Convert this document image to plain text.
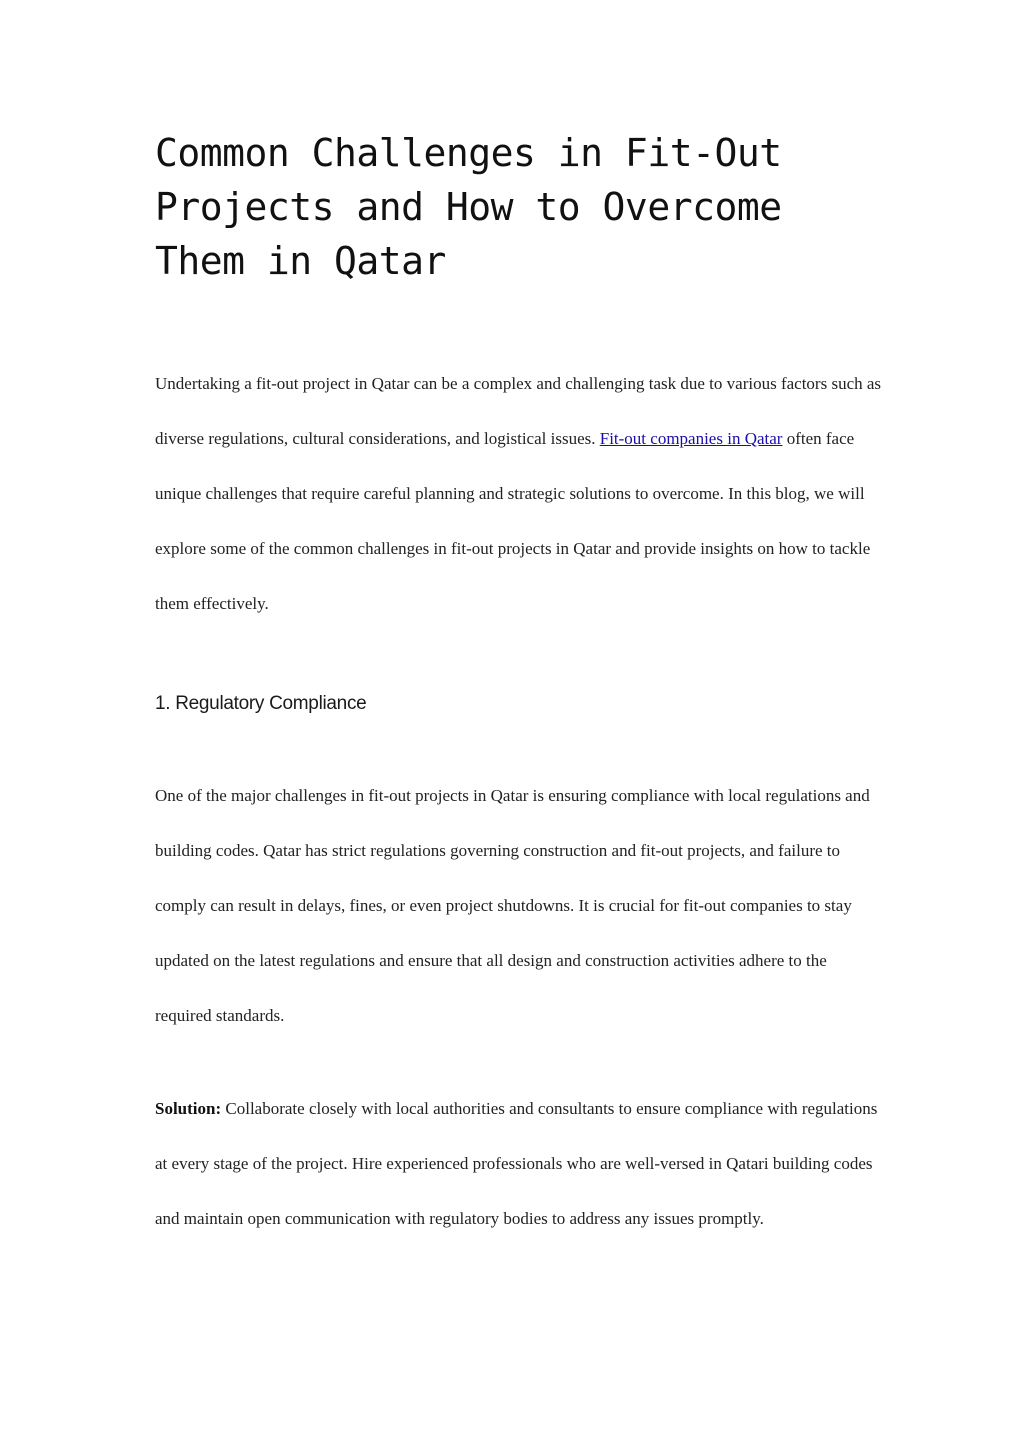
Common Challenges in Fit-Out Projects and How to Overcome Them in Qatar

Undertaking a fit-out project in Qatar can be a complex and challenging task due to various factors such as diverse regulations, cultural considerations, and logistical issues. Fit-out companies in Qatar often face unique challenges that require careful planning and strategic solutions to overcome. In this blog, we will explore some of the common challenges in fit-out projects in Qatar and provide insights on how to tackle them effectively.

1. Regulatory Compliance

One of the major challenges in fit-out projects in Qatar is ensuring compliance with local regulations and building codes. Qatar has strict regulations governing construction and fit-out projects, and failure to comply can result in delays, fines, or even project shutdowns. It is crucial for fit-out companies to stay updated on the latest regulations and ensure that all design and construction activities adhere to the required standards.

Solution: Collaborate closely with local authorities and consultants to ensure compliance with regulations at every stage of the project. Hire experienced professionals who are well-versed in Qatari building codes and maintain open communication with regulatory bodies to address any issues promptly.
